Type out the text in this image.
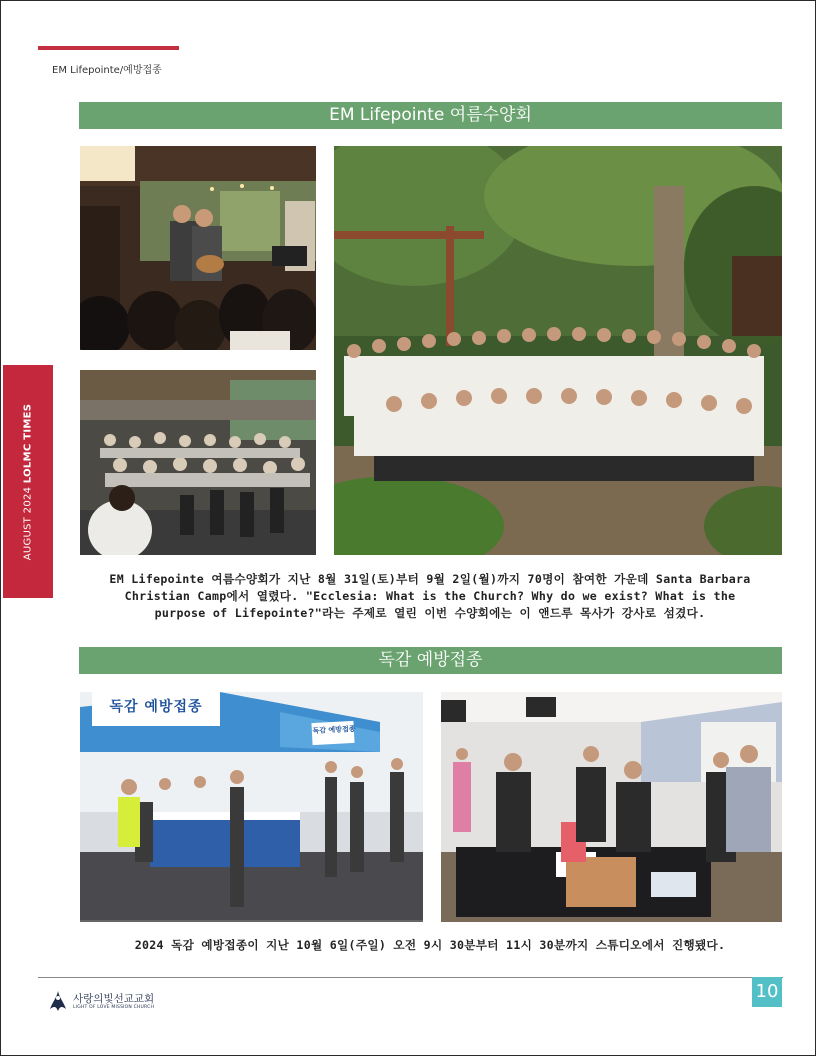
EM Lifepointe/예방접종
AUGUST 2024 LOLMC TIMES
EM Lifepointe 여름수양회
EM Lifepointe 여름수양회가 지난 8월 31일(토)부터 9월 2일(월)까지 70명이 참여한 가운데 Santa Barbara
Christian Camp에서 열렸다. "Ecclesia: What is the Church? Why do we exist? What is the
purpose of Lifepointe?"라는 주제로 열린 이번 수양회에는 이 앤드루 목사가 강사로 섬겼다.
독감 예방접종
독감 예방접종
독감 예방접종
2024 독감 예방접종이 지난 10월 6일(주일) 오전 9시 30분부터 11시 30분까지 스튜디오에서 진행됐다.
사랑의빛선교교회
LIGHT OF LOVE MISSION CHURCH
10
